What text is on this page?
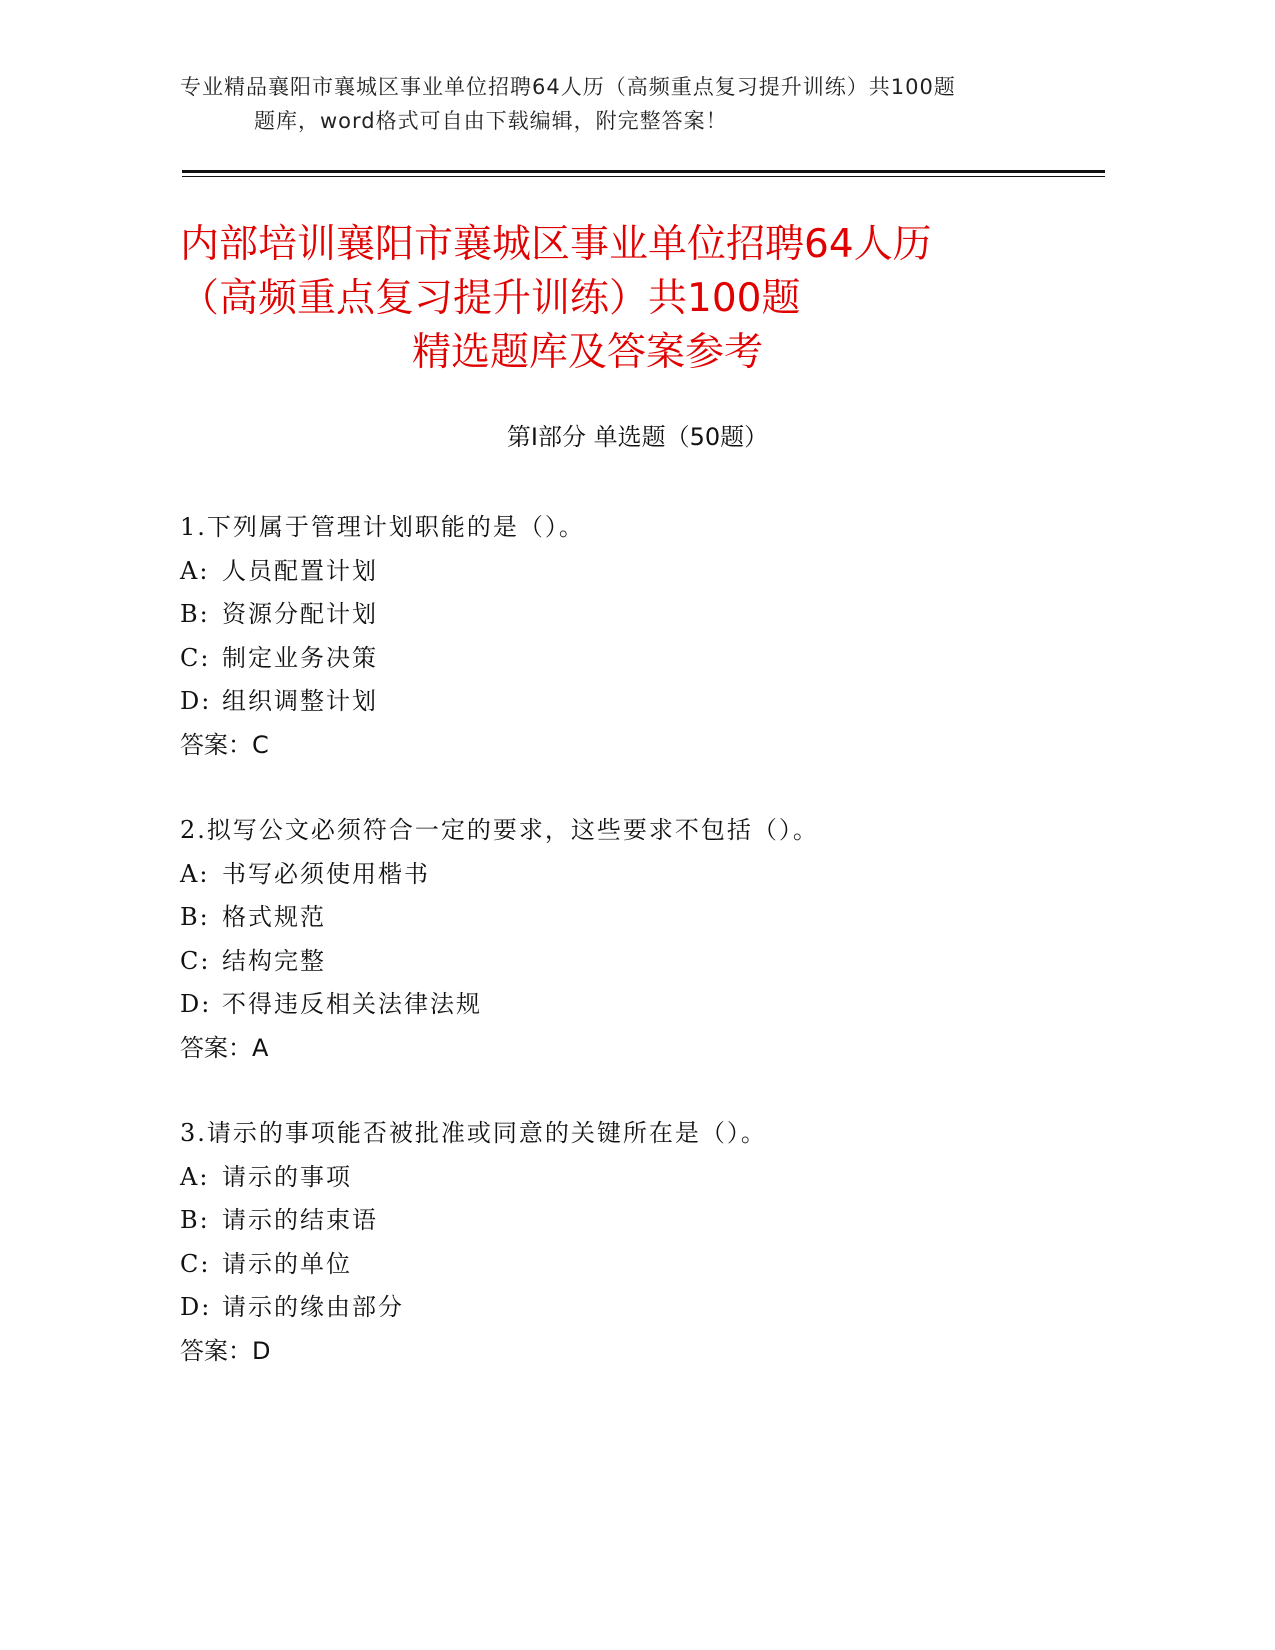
专业精品襄阳市襄城区事业单位招聘64人历（高频重点复习提升训练）共100题
题库，word格式可自由下载编辑，附完整答案！
内部培训襄阳市襄城区事业单位招聘64人历
（高频重点复习提升训练）共100题
精选题库及答案参考
第Ⅰ部分 单选题（50题）
1.下列属于管理计划职能的是（）。
A: 人员配置计划
B: 资源分配计划
C: 制定业务决策
D: 组织调整计划
答案：C
2.拟写公文必须符合一定的要求，这些要求不包括（）。
A: 书写必须使用楷书
B: 格式规范
C: 结构完整
D: 不得违反相关法律法规
答案：A
3.请示的事项能否被批准或同意的关键所在是（）。
A: 请示的事项
B: 请示的结束语
C: 请示的单位
D: 请示的缘由部分
答案：D
